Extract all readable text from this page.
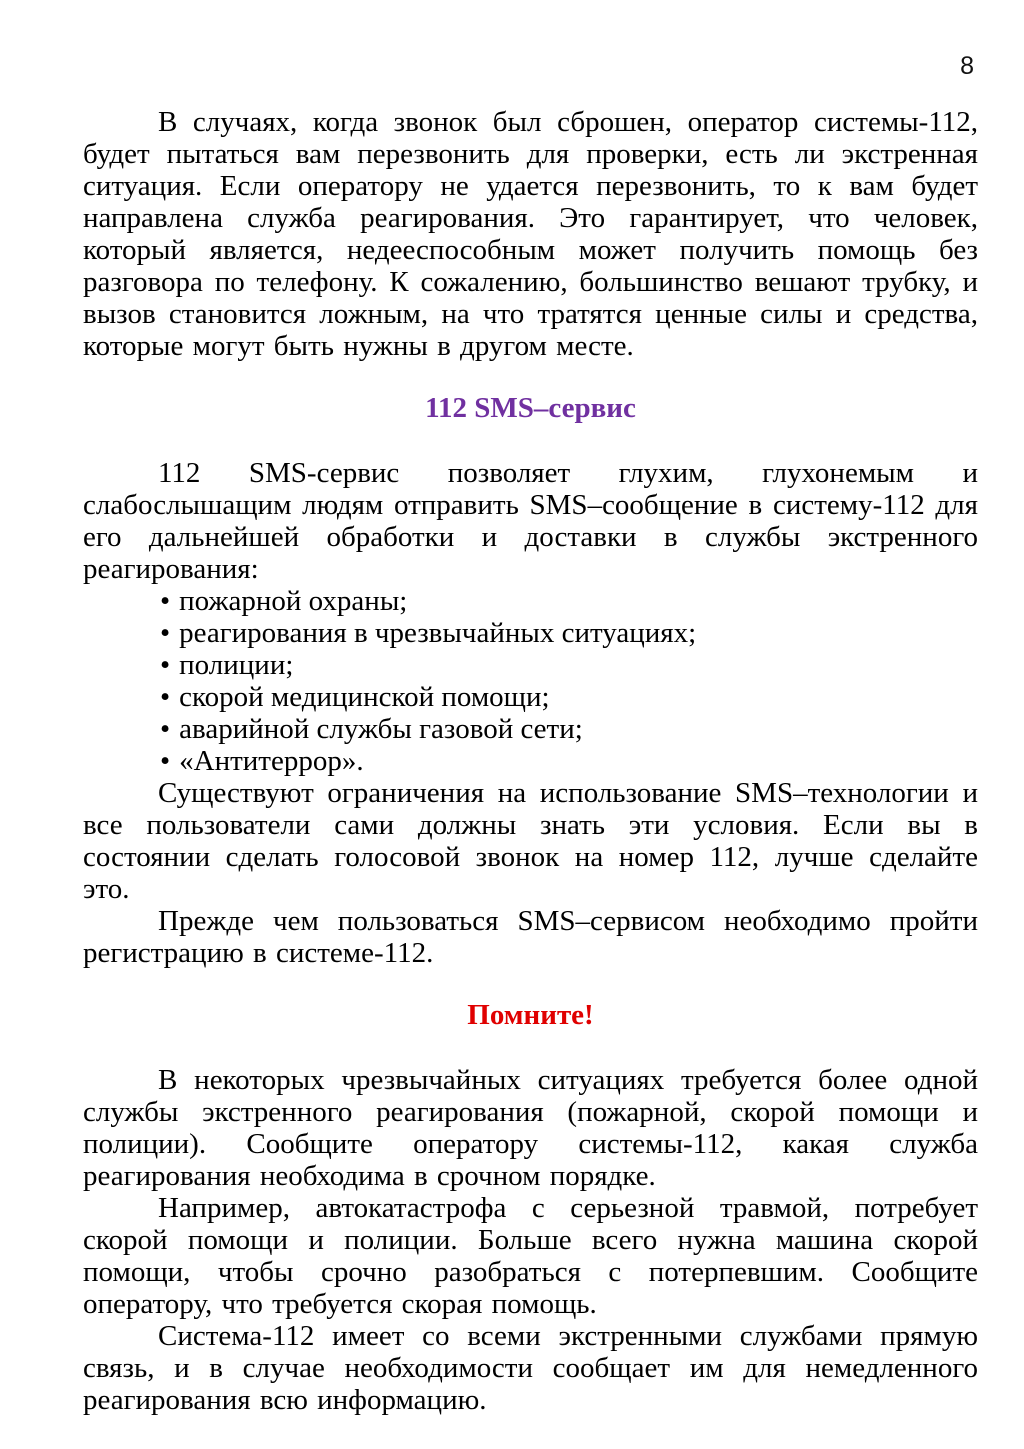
8

В случаях, когда звонок был сброшен, оператор системы-112, будет пытаться вам перезвонить для проверки, есть ли экстренная ситуация. Если оператору не удается перезвонить, то к вам будет направлена служба реагирования. Это гарантирует, что человек, который является, недееспособным может получить помощь без разговора по телефону. К сожалению, большинство вешают трубку, и вызов становится ложным, на что тратятся ценные силы и средства, которые могут быть нужны в другом месте.

112 SMS–сервис

112 SMS-сервис позволяет глухим, глухонемым и слабослышащим людям отправить SMS–сообщение в систему-112 для его дальнейшей обработки и доставки в службы экстренного реагирования:

• пожарной охраны;
• реагирования в чрезвычайных ситуациях;
• полиции;
• скорой медицинской помощи;
• аварийной службы газовой сети;
• «Антитеррор».

Существуют ограничения на использование SMS–технологии и все пользователи сами должны знать эти условия. Если вы в состоянии сделать голосовой звонок на номер 112, лучше сделайте это.

Прежде чем пользоваться SMS–сервисом необходимо пройти регистрацию в системе-112.

Помните!

В некоторых чрезвычайных ситуациях требуется более одной службы экстренного реагирования (пожарной, скорой помощи и полиции). Сообщите оператору системы-112, какая служба реагирования необходима в срочном порядке.

Например, автокатастрофа с серьезной травмой, потребует скорой помощи и полиции. Больше всего нужна машина скорой помощи, чтобы срочно разобраться с потерпевшим. Сообщите оператору, что требуется скорая помощь.

Система-112 имеет со всеми экстренными службами прямую связь, и в случае необходимости сообщает им для немедленного реагирования всю информацию.
